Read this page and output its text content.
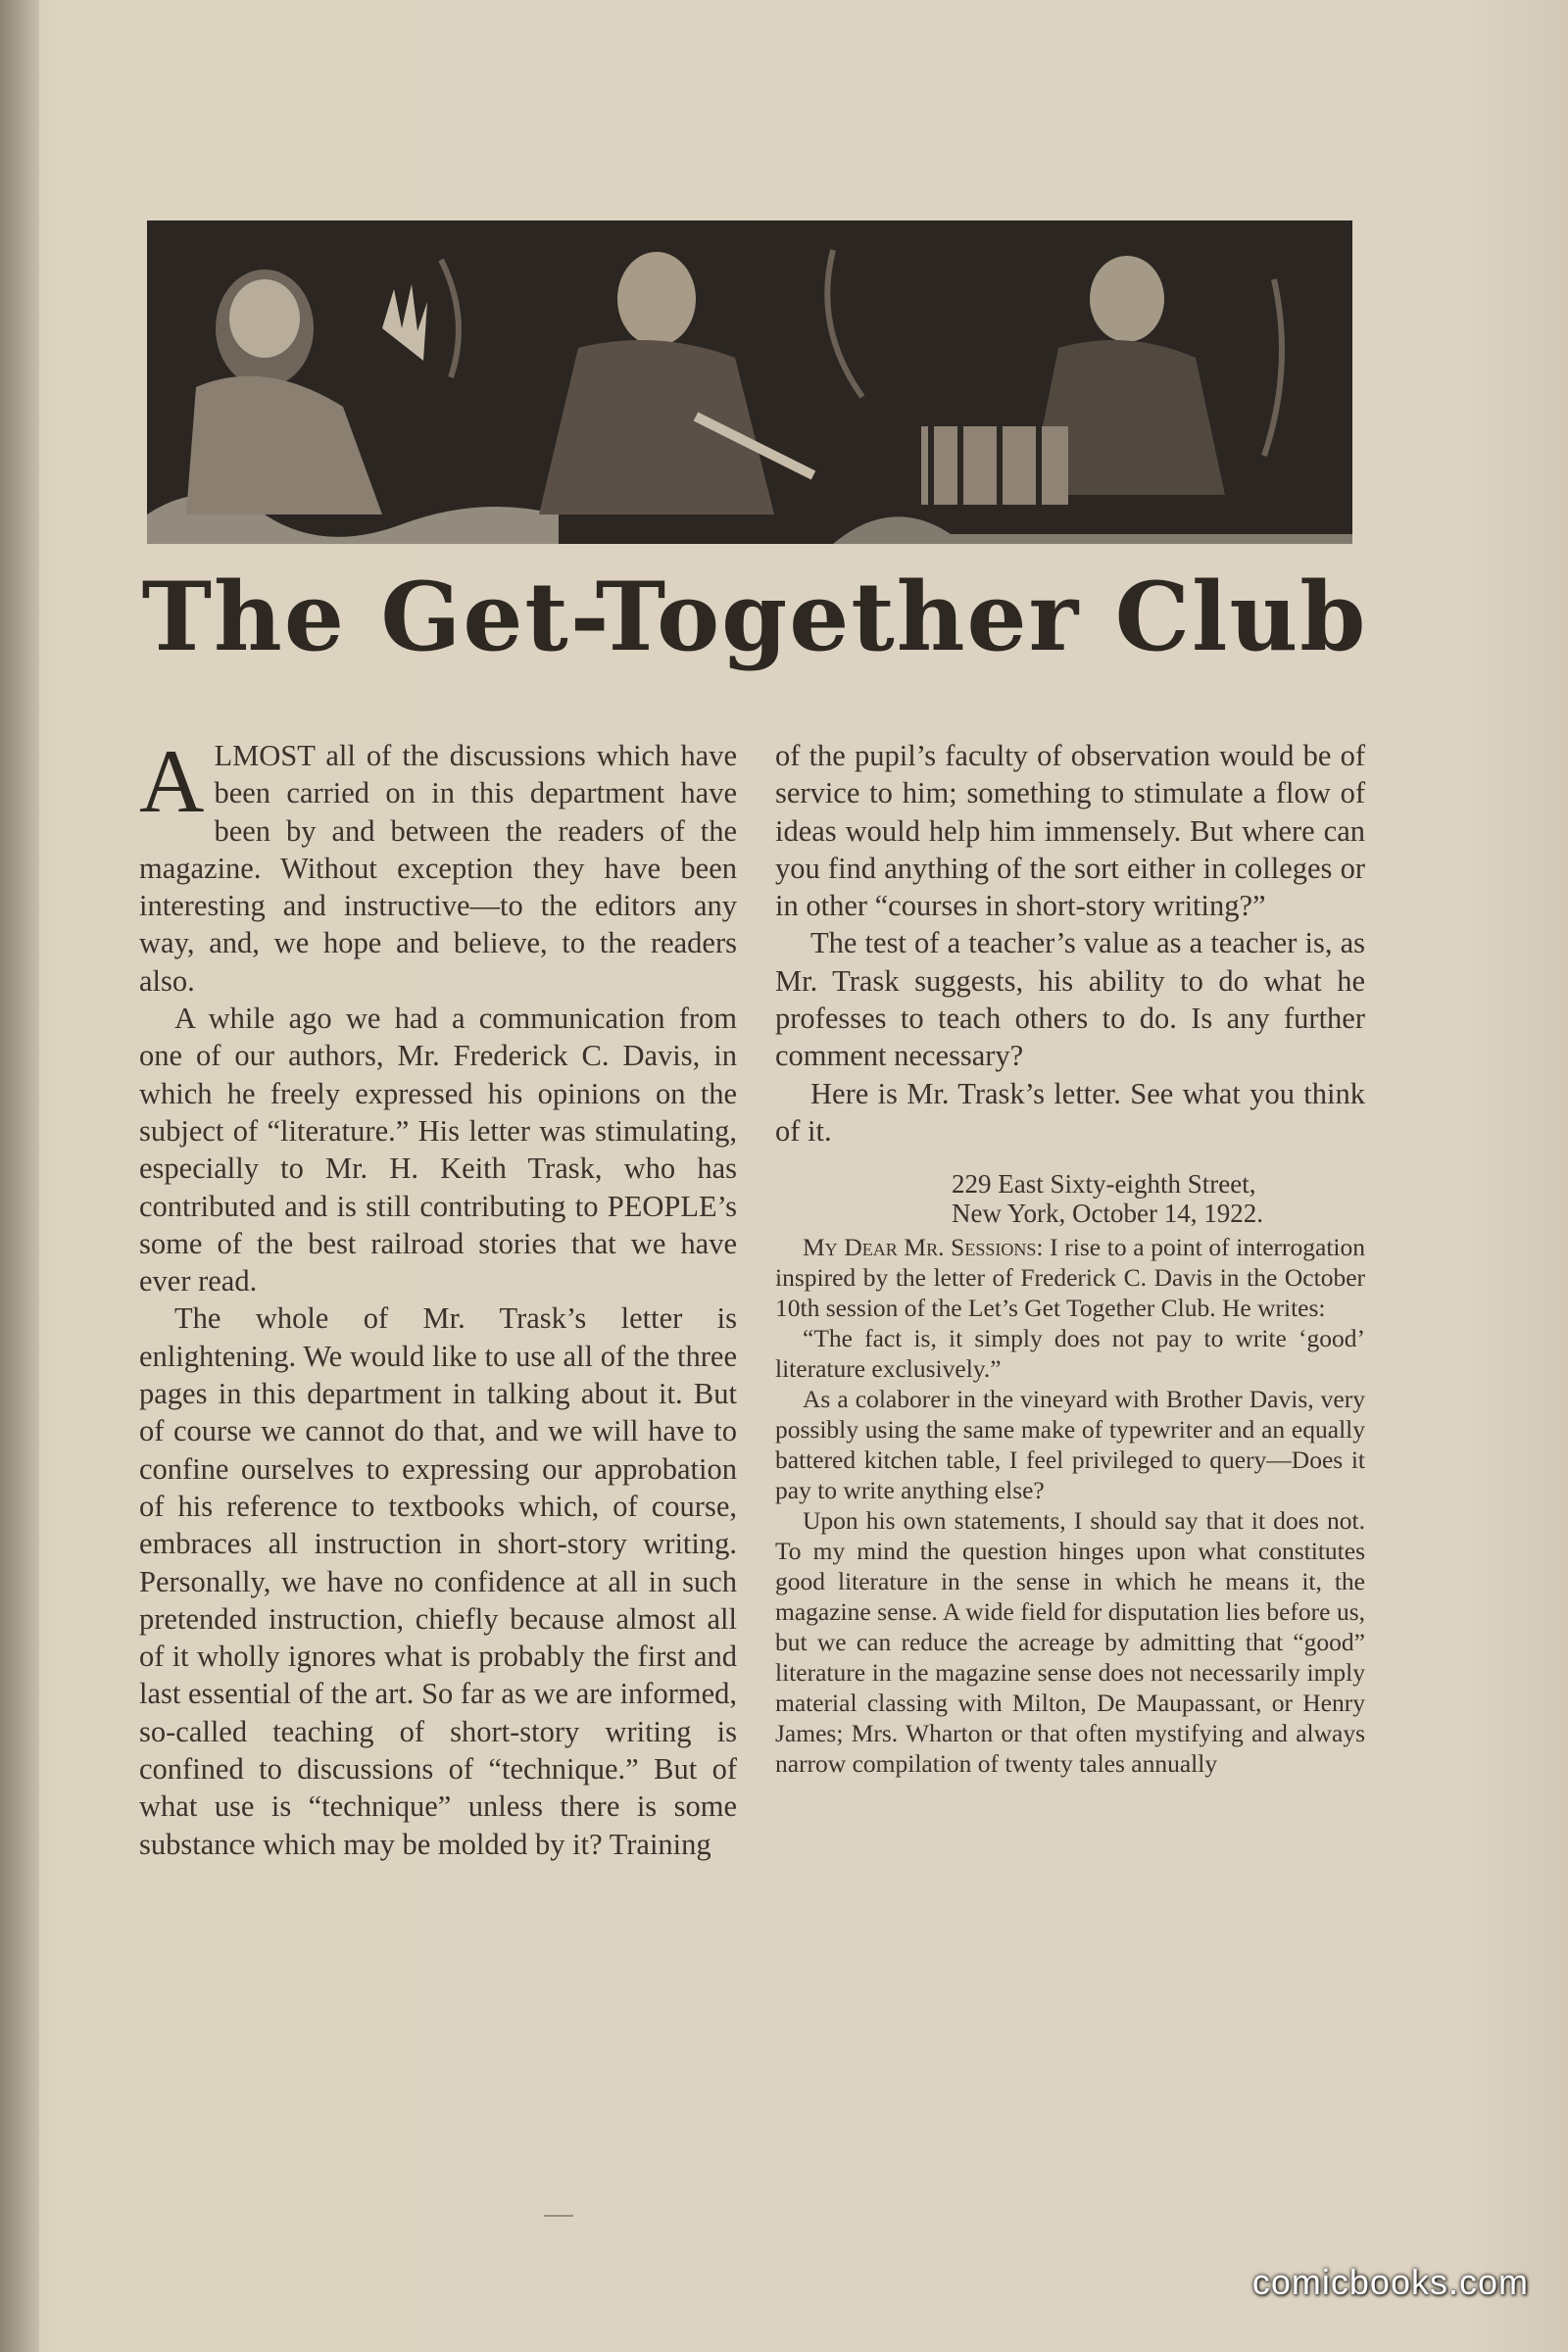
The Get-Together Club

A LMOST all of the discussions which have been carried on in this department have been by and between the readers of the magazine. Without exception they have been interesting and instructive—to the editors any way, and, we hope and believe, to the readers also.

A while ago we had a communication from one of our authors, Mr. Frederick C. Davis, in which he freely expressed his opinions on the subject of “literature.” His letter was stimulating, especially to Mr. H. Keith Trask, who has contributed and is still contributing to PEOPLE’s some of the best railroad stories that we have ever read.

The whole of Mr. Trask’s letter is enlightening. We would like to use all of the three pages in this department in talking about it. But of course we cannot do that, and we will have to confine ourselves to expressing our approbation of his reference to textbooks which, of course, embraces all instruction in short-story writing. Personally, we have no confidence at all in such pretended instruction, chiefly because almost all of it wholly ignores what is probably the first and last essential of the art. So far as we are informed, so-called teaching of short-story writing is confined to discussions of “technique.” But of what use is “technique” unless there is some substance which may be molded by it? Training

of the pupil’s faculty of observation would be of service to him; something to stimulate a flow of ideas would help him immensely. But where can you find anything of the sort either in colleges or in other “courses in short-story writing?”

The test of a teacher’s value as a teacher is, as Mr. Trask suggests, his ability to do what he professes to teach others to do. Is any further comment necessary?

Here is Mr. Trask’s letter. See what you think of it.

229 East Sixty-eighth Street,
New York, October 14, 1922.

My Dear Mr. Sessions: I rise to a point of interrogation inspired by the letter of Frederick C. Davis in the October 10th session of the Let’s Get Together Club. He writes:

“The fact is, it simply does not pay to write ‘good’ literature exclusively.”

As a colaborer in the vineyard with Brother Davis, very possibly using the same make of typewriter and an equally battered kitchen table, I feel privileged to query—Does it pay to write anything else?

Upon his own statements, I should say that it does not. To my mind the question hinges upon what constitutes good literature in the sense in which he means it, the magazine sense. A wide field for disputation lies before us, but we can reduce the acreage by admitting that “good” literature in the magazine sense does not necessarily imply material classing with Milton, De Maupassant, or Henry James; Mrs. Wharton or that often mystifying and always narrow compilation of twenty tales annually

comicbooks.com
